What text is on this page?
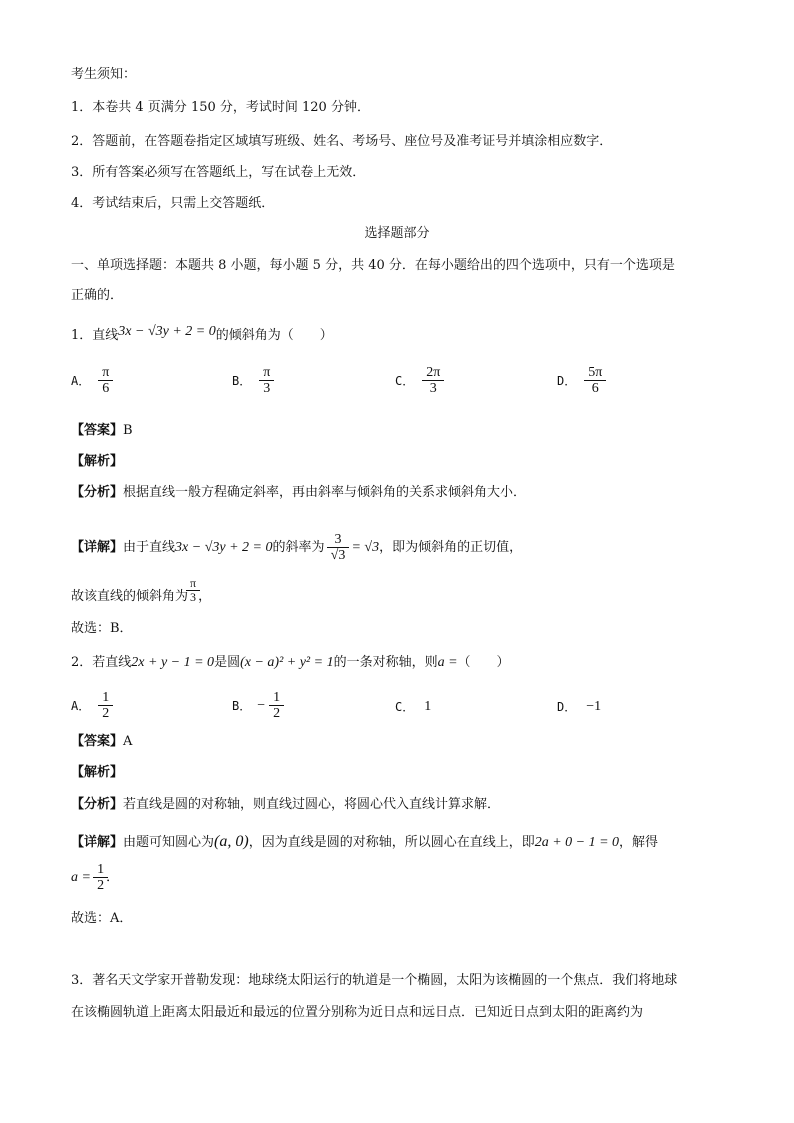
考生须知：
1．本卷共 4 页满分 150 分，考试时间 120 分钟．
2．答题前，在答题卷指定区域填写班级、姓名、考场号、座位号及准考证号并填涂相应数字．
3．所有答案必须写在答题纸上，写在试卷上无效．
4．考试结束后，只需上交答题纸．
选择题部分
一、单项选择题：本题共 8 小题，每小题 5 分，共 40 分．在每小题给出的四个选项中，只有一个选项是
正确的．
1．直线3x − √3y + 2 = 0的倾斜角为（　　）
A． $\frac{\pi}{6}$	B． $\frac{\pi}{3}$	C． $\frac{2\pi}{3}$	D． $\frac{5\pi}{6}$
【答案】B
【解析】
【分析】根据直线一般方程确定斜率，再由斜率与倾斜角的关系求倾斜角大小．
【详解】由于直线3x − √3y + 2 = 0的斜率为 $\frac{3}{√3} = √3$，即为倾斜角的正切值，
故该直线的倾斜角为 $\frac{\pi}{3}$ ，
故选：B．
2．若直线2x + y − 1 = 0是圆(x − a)² + y² = 1的一条对称轴，则a =（　　）
A． $\frac{1}{2}$	B． − $\frac{1}{2}$	C． 1	D． −1
【答案】A
【解析】
【分析】若直线是圆的对称轴，则直线过圆心，将圆心代入直线计算求解．
【详解】由题可知圆心为(a, 0)，因为直线是圆的对称轴，所以圆心在直线上，即2a + 0 − 1 = 0，解得
$a = \frac{1}{2}$ ．
故选：A．
3．著名天文学家开普勒发现：地球绕太阳运行的轨道是一个椭圆，太阳为该椭圆的一个焦点．我们将地球
在该椭圆轨道上距离太阳最近和最远的位置分别称为近日点和远日点．已知近日点到太阳的距离约为
